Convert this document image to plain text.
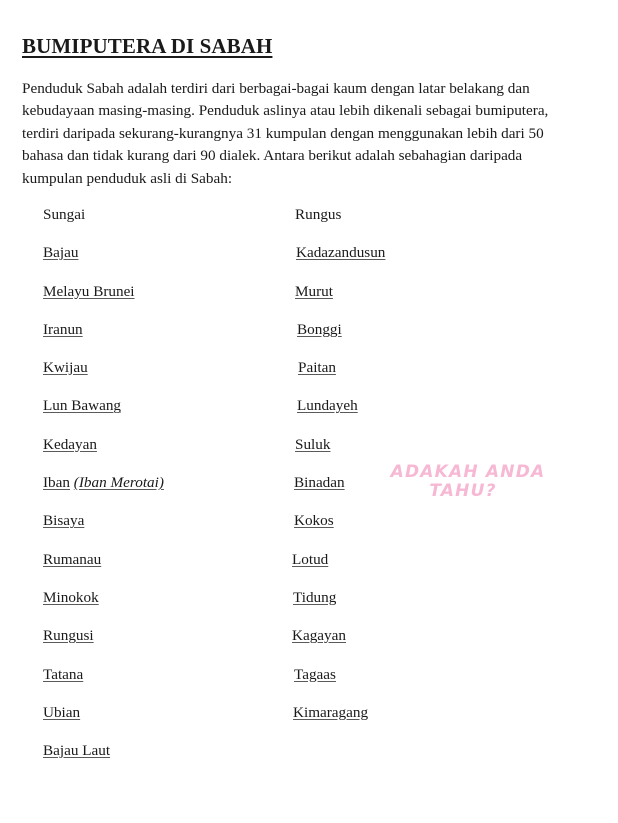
BUMIPUTERA DI SABAH

Penduduk Sabah adalah terdiri dari berbagai-bagai kaum dengan latar belakang dan kebudayaan masing-masing. Penduduk aslinya atau lebih dikenali sebagai bumiputera, terdiri daripada sekurang-kurangnya 31 kumpulan dengan menggunakan lebih dari 50 bahasa dan tidak kurang dari 90 dialek. Antara berikut adalah sebahagian daripada kumpulan penduduk asli di Sabah:

Sungai
Bajau
Melayu Brunei
Iranun
Kwijau
Lun Bawang
Kedayan
Iban (Iban Merotai)
Bisaya
Rumanau
Minokok
Rungusi
Tatana
Ubian
Bajau Laut
Rungus
Kadazandusun
Murut
Bonggi
Paitan
Lundayeh
Suluk
Binadan
Kokos
Lotud
Tidung
Kagayan
Tagaas
Kimaragang
ADAKAH ANDA
TAHU?
